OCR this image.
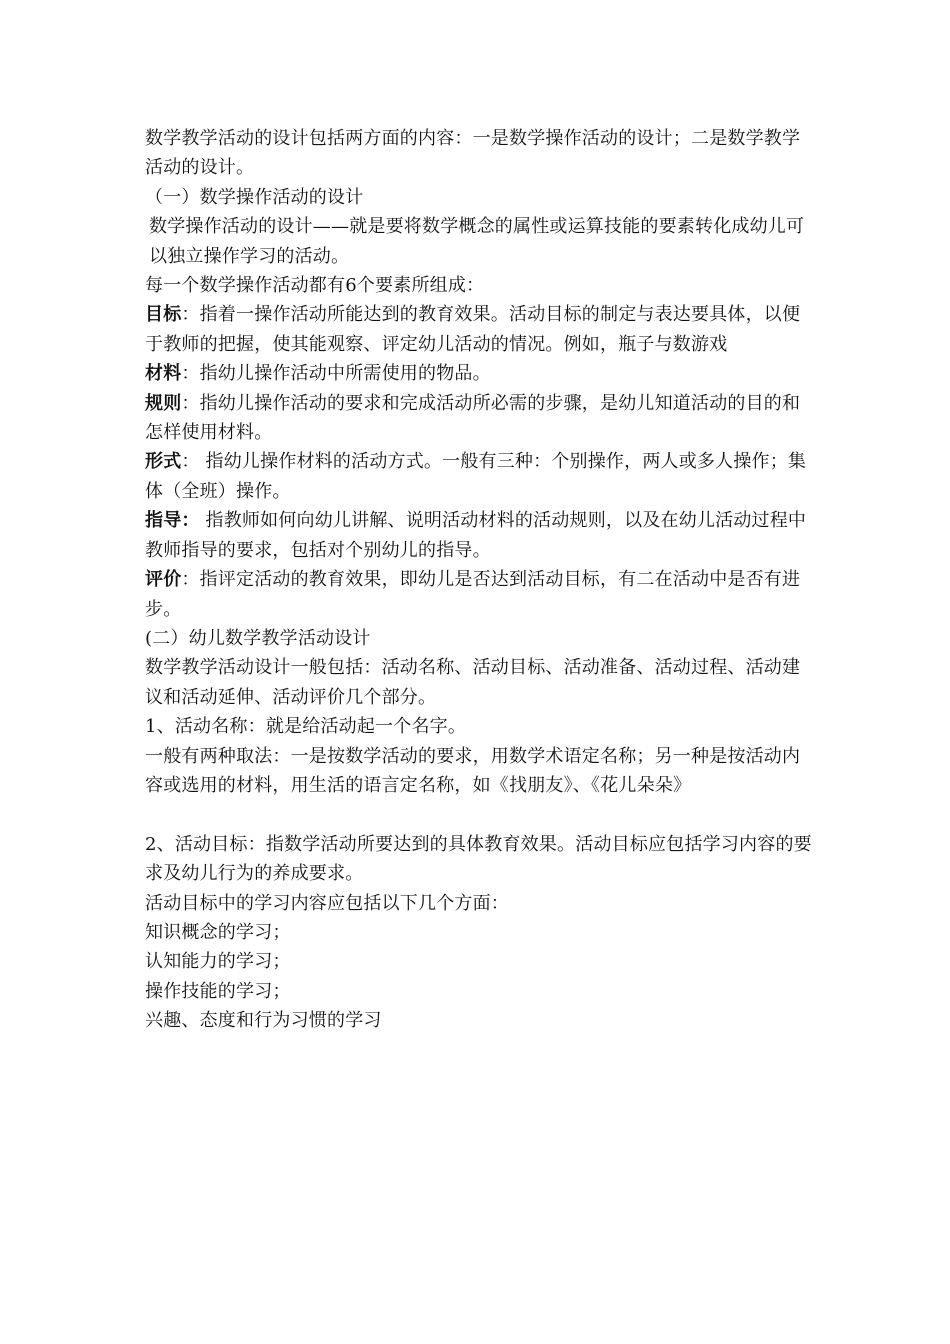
数学教学活动的设计包括两方面的内容：一是数学操作活动的设计；二是数学教学活动的设计。

（一）数学操作活动的设计

数学操作活动的设计——就是要将数学概念的属性或运算技能的要素转化成幼儿可以独立操作学习的活动。

每一个数学操作活动都有6个要素所组成：

目标：指着一操作活动所能达到的教育效果。活动目标的制定与表达要具体，以便于教师的把握，使其能观察、评定幼儿活动的情况。例如，瓶子与数游戏

材料：指幼儿操作活动中所需使用的物品。

规则：指幼儿操作活动的要求和完成活动所必需的步骤，是幼儿知道活动的目的和怎样使用材料。

形式： 指幼儿操作材料的活动方式。一般有三种：个别操作，两人或多人操作；集体（全班）操作。

指导： 指教师如何向幼儿讲解、说明活动材料的活动规则，以及在幼儿活动过程中教师指导的要求，包括对个别幼儿的指导。

评价：指评定活动的教育效果，即幼儿是否达到活动目标，有二在活动中是否有进步。

(二）幼儿数学教学活动设计

数学教学活动设计一般包括：活动名称、活动目标、活动准备、活动过程、活动建议和活动延伸、活动评价几个部分。

1、活动名称：就是给活动起一个名字。

一般有两种取法：一是按数学活动的要求，用数学术语定名称；另一种是按活动内容或选用的材料，用生活的语言定名称，如《找朋友》、《花儿朵朵》

2、活动目标：指数学活动所要达到的具体教育效果。活动目标应包括学习内容的要求及幼儿行为的养成要求。

活动目标中的学习内容应包括以下几个方面：

知识概念的学习；

认知能力的学习；

操作技能的学习；

兴趣、态度和行为习惯的学习
